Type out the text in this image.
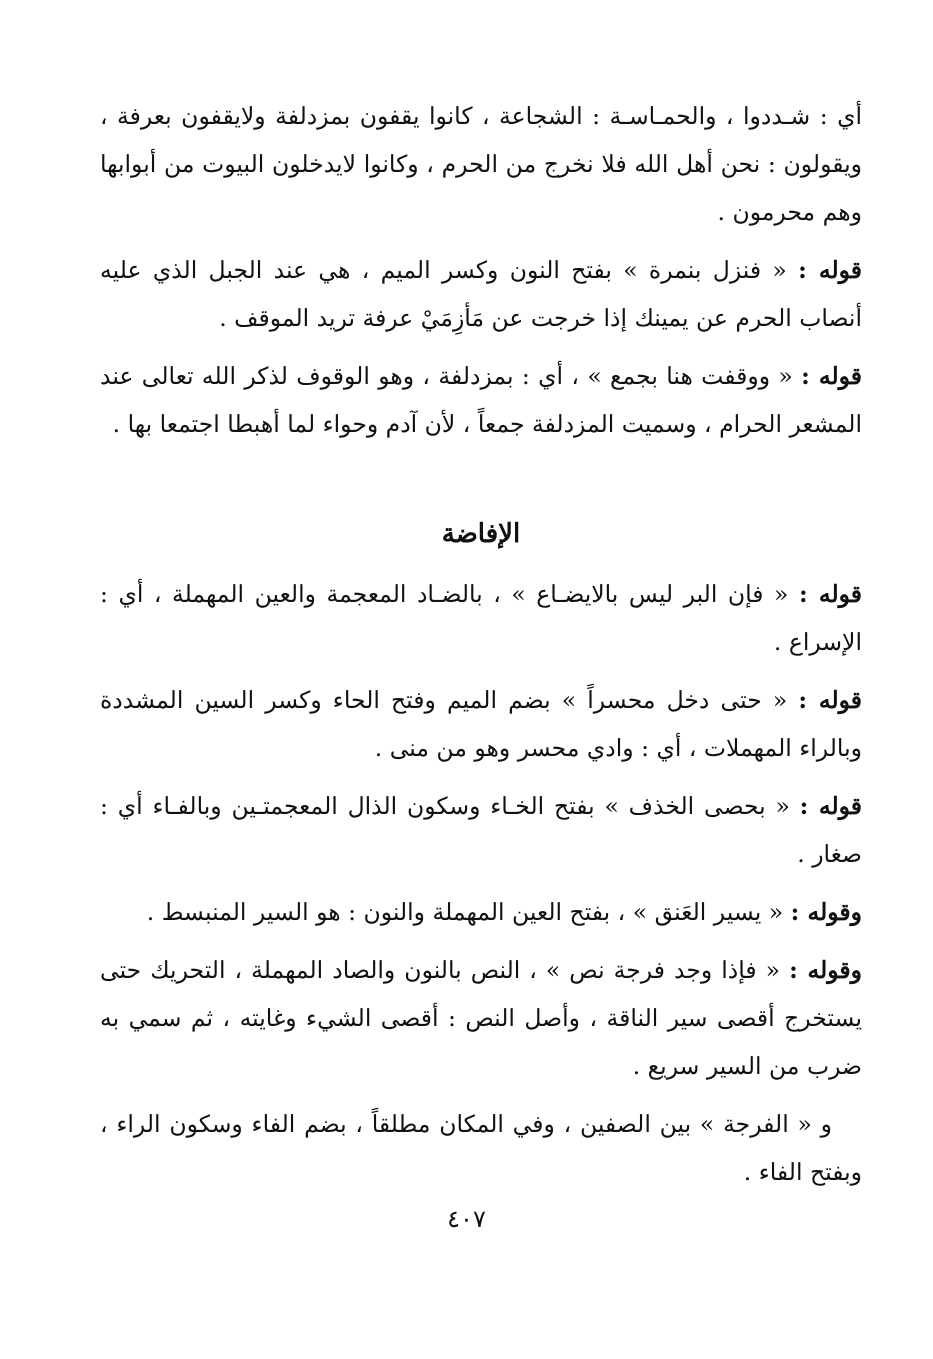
أي : شـددوا ، والحمـاسـة : الشجاعة ، كانوا يقفون بمزدلفة ولايقفون بعرفة ، ويقولون : نحن أهل الله فلا نخرج من الحرم ، وكانوا لايدخلون البيوت من أبوابها وهم محرمون .

قوله : « فنزل بنمرة » بفتح النون وكسر الميم ، هي عند الجبل الذي عليه أنصاب الحرم عن يمينك إذا خرجت عن مَأزِمَيْ عرفة تريد الموقف .

قوله : « ووقفت هنا بجمع » ، أي : بمزدلفة ، وهو الوقوف لذكر الله تعالى عند المشعر الحرام ، وسميت المزدلفة جمعاً ، لأن آدم وحواء لما أهبطا اجتمعا بها .

الإفاضة

قوله : « فإن البر ليس بالايضـاع » ، بالضـاد المعجمة والعين المهملة ، أي : الإسراع .

قوله : « حتى دخل محسراً » بضم الميم وفتح الحاء وكسر السين المشددة وبالراء المهملات ، أي : وادي محسر وهو من منى .

قوله : « بحصى الخذف » بفتح الخـاء وسكون الذال المعجمتـين وبالفـاء أي : صغار .

وقوله : « يسير العَنق » ، بفتح العين المهملة والنون : هو السير المنبسط .

وقوله : « فإذا وجد فرجة نص » ، النص بالنون والصاد المهملة ، التحريك حتى يستخرج أقصى سير الناقة ، وأصل النص : أقصى الشيء وغايته ، ثم سمي به ضرب من السير سريع .

و « الفرجة » بين الصفين ، وفي المكان مطلقاً ، بضم الفاء وسكون الراء ، وبفتح الفاء .

٤٠٧
